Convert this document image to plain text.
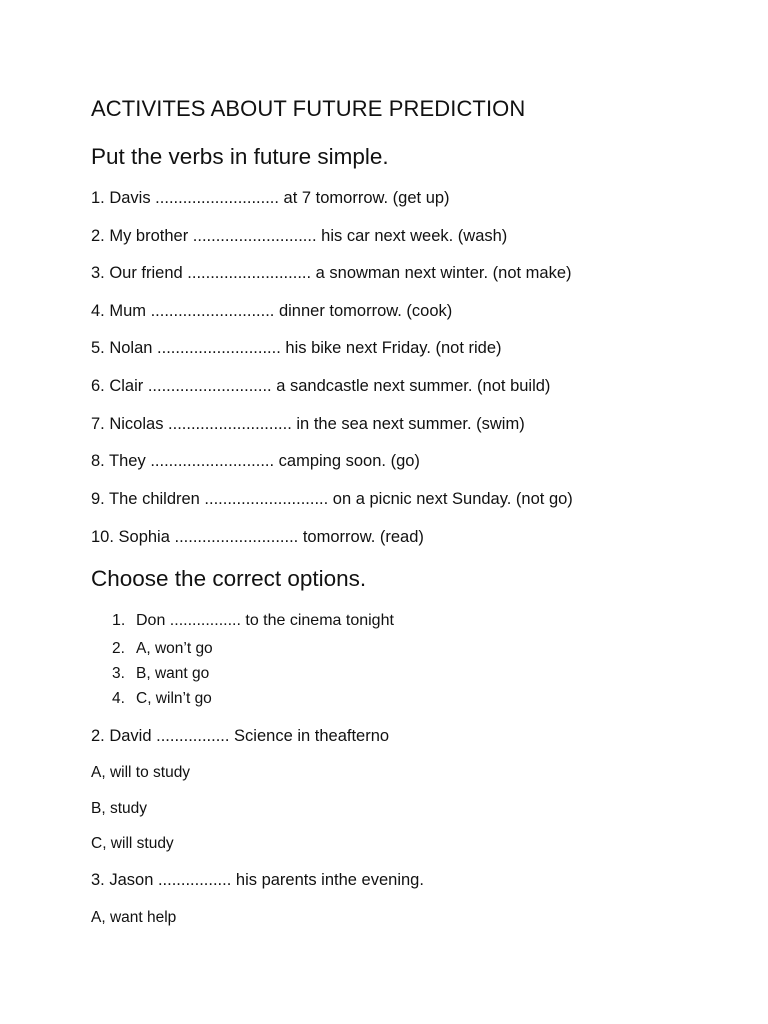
ACTIVITES ABOUT FUTURE PREDICTION
Put the verbs in future simple.
1. Davis ........................... at 7 tomorrow. (get up)
2. My brother ........................... his car next week. (wash)
3. Our friend ........................... a snowman next winter. (not make)
4. Mum ........................... dinner tomorrow. (cook)
5. Nolan ........................... his bike next Friday. (not ride)
6. Clair ........................... a sandcastle next summer. (not build)
7. Nicolas ........................... in the sea next summer. (swim)
8. They ........................... camping soon. (go)
9. The children ........................... on a picnic next Sunday. (not go)
10. Sophia ........................... tomorrow. (read)
Choose the correct options.
1. Don ................ to the cinema tonight
2. A, won’t go
3. B, want go
4. C, wiln’t go
2. David ................ Science in theafterno
A, will to study
B, study
C, will study
3. Jason ................ his parents inthe evening.
A, want help
